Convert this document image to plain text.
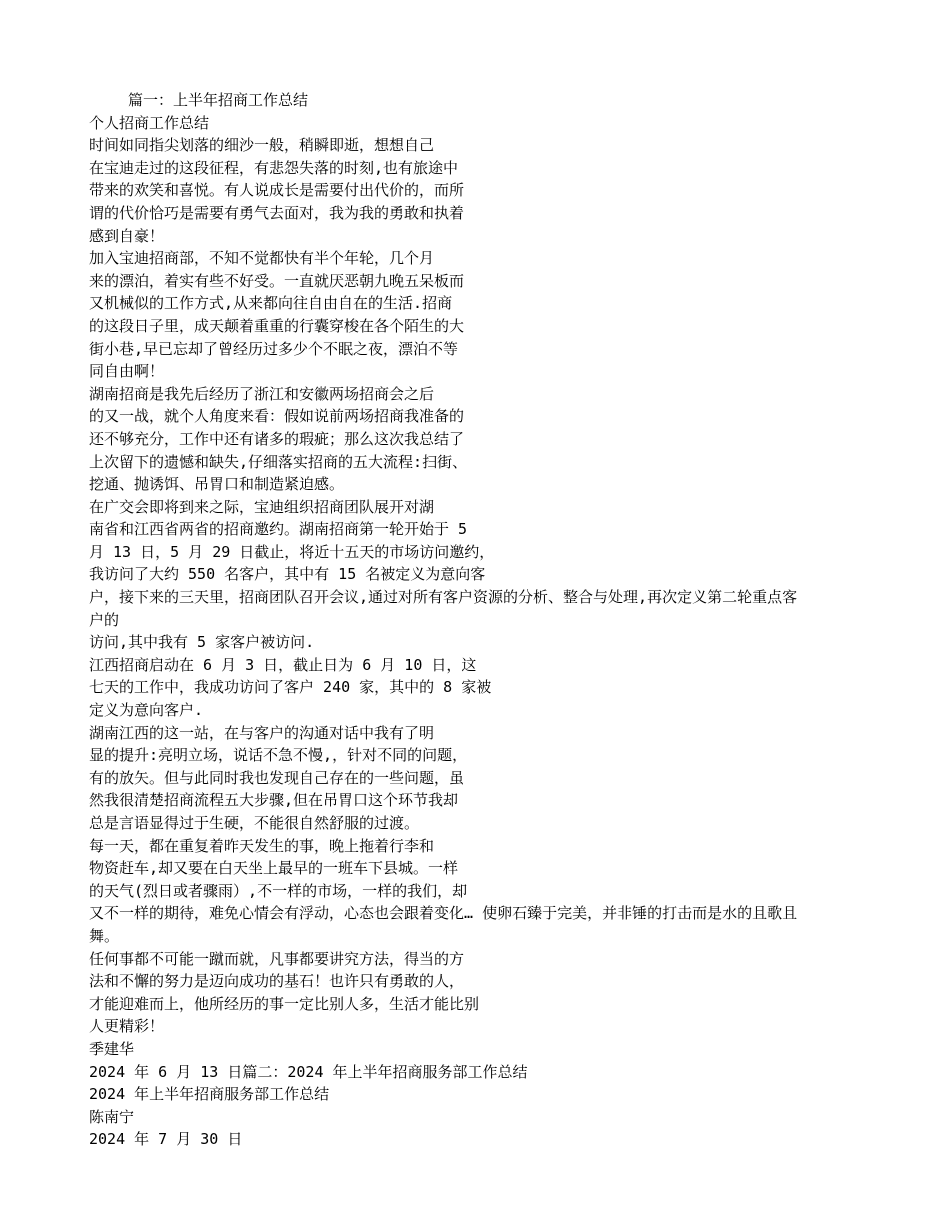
篇一：上半年招商工作总结
个人招商工作总结
时间如同指尖划落的细沙一般，稍瞬即逝，想想自己
在宝迪走过的这段征程，有悲怨失落的时刻,也有旅途中
带来的欢笑和喜悦。有人说成长是需要付出代价的，而所
谓的代价恰巧是需要有勇气去面对，我为我的勇敢和执着
感到自豪！
加入宝迪招商部，不知不觉都快有半个年轮，几个月
来的漂泊，着实有些不好受。一直就厌恶朝九晚五呆板而
又机械似的工作方式,从来都向往自由自在的生活.招商
的这段日子里，成天颠着重重的行囊穿梭在各个陌生的大
街小巷,早已忘却了曾经历过多少个不眠之夜，漂泊不等
同自由啊！
湖南招商是我先后经历了浙江和安徽两场招商会之后
的又一战，就个人角度来看：假如说前两场招商我准备的
还不够充分，工作中还有诸多的瑕疵；那么这次我总结了
上次留下的遗憾和缺失,仔细落实招商的五大流程:扫街、
挖通、抛诱饵、吊胃口和制造紧迫感。
在广交会即将到来之际，宝迪组织招商团队展开对湖
南省和江西省两省的招商邀约。湖南招商第一轮开始于 5
月 13 日，5 月 29 日截止，将近十五天的市场访问邀约，
我访问了大约 550 名客户，其中有 15 名被定义为意向客
户，接下来的三天里，招商团队召开会议,通过对所有客户资源的分析、整合与处理,再次定义第二轮重点客
户的
访问,其中我有 5 家客户被访问.
江西招商启动在 6 月 3 日，截止日为 6 月 10 日，这
七天的工作中，我成功访问了客户 240 家，其中的 8 家被
定义为意向客户.
湖南江西的这一站，在与客户的沟通对话中我有了明
显的提升:亮明立场，说话不急不慢,，针对不同的问题，
有的放矢。但与此同时我也发现自己存在的一些问题，虽
然我很清楚招商流程五大步骤,但在吊胃口这个环节我却
总是言语显得过于生硬，不能很自然舒服的过渡。
每一天，都在重复着昨天发生的事，晚上拖着行李和
物资赶车,却又要在白天坐上最早的一班车下县城。一样
的天气(烈日或者骤雨）,不一样的市场，一样的我们，却
又不一样的期待，难免心情会有浮动，心态也会跟着变化… 使卵石臻于完美，并非锤的打击而是水的且歌且
舞。
任何事都不可能一蹴而就，凡事都要讲究方法，得当的方
法和不懈的努力是迈向成功的基石！也许只有勇敢的人，
才能迎难而上，他所经历的事一定比别人多，生活才能比别
人更精彩！
季建华
2024 年 6 月 13 日篇二：2024 年上半年招商服务部工作总结
2024 年上半年招商服务部工作总结
陈南宁
2024 年 7 月 30 日
